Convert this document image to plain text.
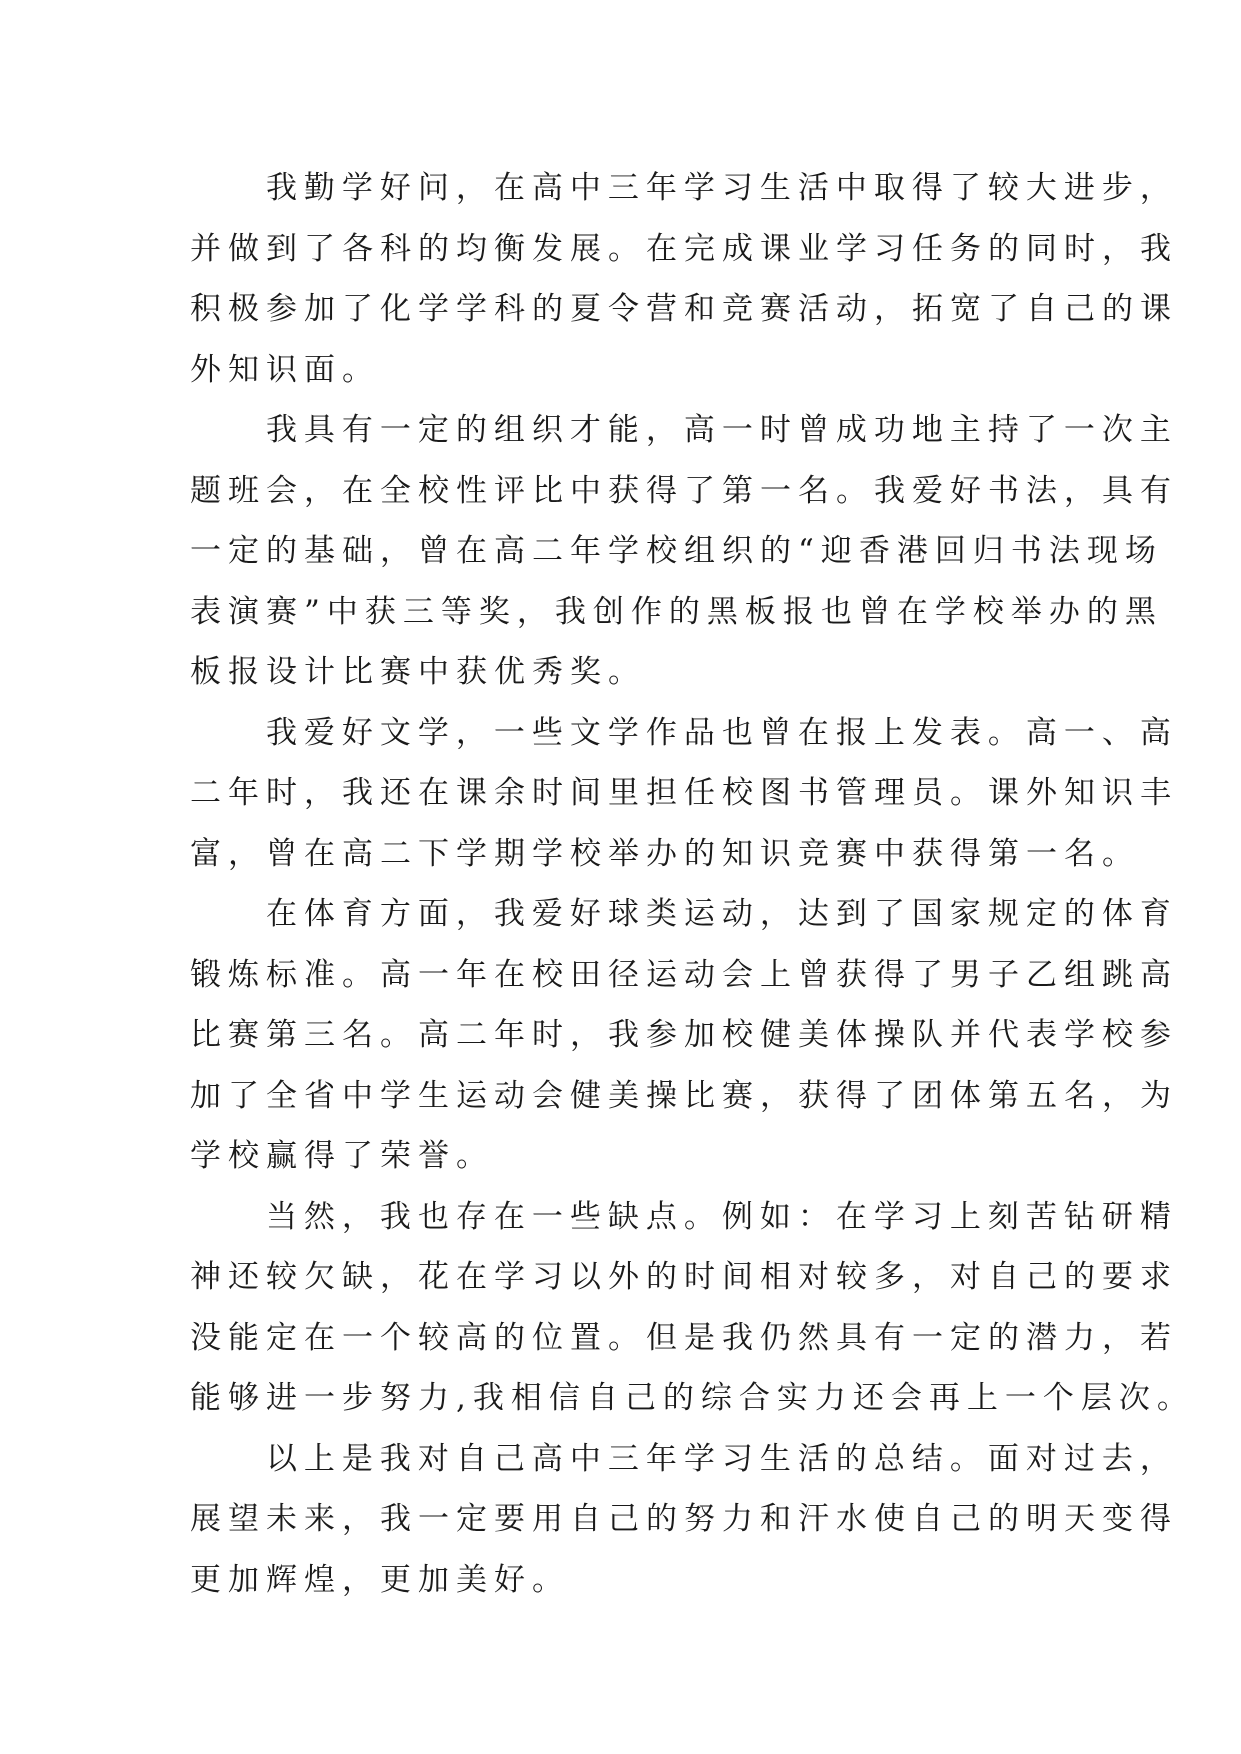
我勤学好问，在高中三年学习生活中取得了较大进步，
并做到了各科的均衡发展。在完成课业学习任务的同时，我
积极参加了化学学科的夏令营和竞赛活动，拓宽了自己的课
外知识面。

我具有一定的组织才能，高一时曾成功地主持了一次主
题班会，在全校性评比中获得了第一名。我爱好书法，具有
一定的基础，曾在高二年学校组织的“迎香港回归书法现场
表演赛”中获三等奖，我创作的黑板报也曾在学校举办的黑
板报设计比赛中获优秀奖。

我爱好文学，一些文学作品也曾在报上发表。高一、高
二年时，我还在课余时间里担任校图书管理员。课外知识丰
富，曾在高二下学期学校举办的知识竞赛中获得第一名。

在体育方面，我爱好球类运动，达到了国家规定的体育
锻炼标准。高一年在校田径运动会上曾获得了男子乙组跳高
比赛第三名。高二年时，我参加校健美体操队并代表学校参
加了全省中学生运动会健美操比赛，获得了团体第五名，为
学校赢得了荣誉。

当然，我也存在一些缺点。例如：在学习上刻苦钻研精
神还较欠缺，花在学习以外的时间相对较多，对自己的要求
没能定在一个较高的位置。但是我仍然具有一定的潜力，若
能够进一步努力,我相信自己的综合实力还会再上一个层次。

以上是我对自己高中三年学习生活的总结。面对过去，
展望未来，我一定要用自己的努力和汗水使自己的明天变得
更加辉煌，更加美好。
